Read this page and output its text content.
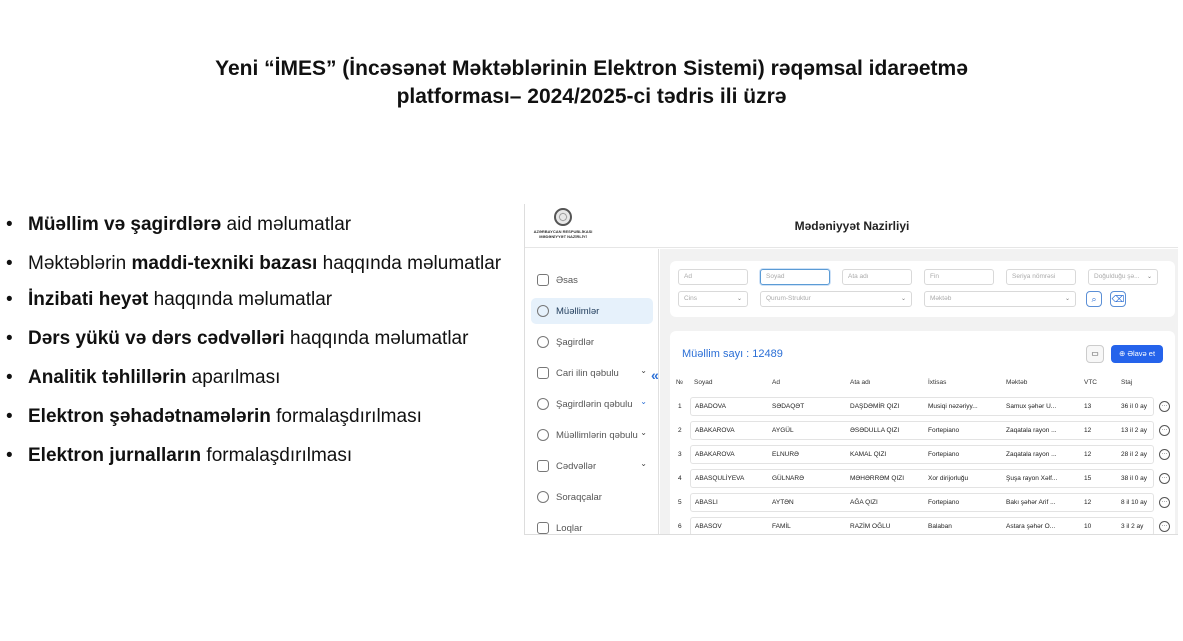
Yeni “İMES” (İncəsənət Məktəblərinin Elektron Sistemi) rəqəmsal idarəetmə
platforması– 2024/2025-ci tədris ili üzrə
• Müəllim və şagirdlərə aid məlumatlar
• Məktəblərin maddi-texniki bazası haqqında məlumatlar
• İnzibati heyət haqqında məlumatlar
• Dərs yükü və dərs cədvəlləri haqqında məlumatlar
• Analitik təhlillərin aparılması
• Elektron şəhadətnamələrin formalaşdırılması
• Elektron jurnalların formalaşdırılması
AZƏRBAYCAN RESPUBLİKASI
MƏDƏNİYYƏT NAZİRLİYİ
Mədəniyyət Nazirliyi
Əsas
Müəllimlər
Şagirdlər
Cari ilin qəbulu	⌄
Şagirdlərin qəbulu ⌄
Müəllimlərin qəbulu ⌄
Cədvəllər	⌄
Soraqçalar
Loqlar
«
Ad	Soyad	Ata adı	Fin	Seriya nömrəsi	Doğulduğu şə... ⌄
Cins	⌄	Qurum-Struktur	⌄	Məktəb	⌄	⌕	⌫
Müəllim sayı : 12489	▭	⊕ Əlavə et
№ Soyad	Ad	Ata adı	İxtisas	Məktəb	VTC	Staj
1 ABADOVA	SƏDAQƏT	DAŞDƏMİR QIZI	Musiqi nəzəriyy...	Samux şəhər U...	13	36 il 0 ay	···
2 ABAKAROVA	AYGÜL	ƏSƏDULLA QIZI	Fortepiano	Zaqatala rayon ...	12	13 il 2 ay	···
3 ABAKAROVA	ELNURƏ	KAMAL QIZI	Fortepiano	Zaqatala rayon ...	12	28 il 2 ay	···
4 ABASQULİYEVA	GÜLNARƏ	MƏHƏRRƏM QIZI	Xor dirijorluğu	Şuşa rayon Xəlf...	15	38 il 0 ay	···
5 ABASLI	AYTƏN	AĞA QIZI	Fortepiano	Bakı şəhər Arif ...	12	8 il 10 ay	···
6 ABASOV	FAMİL	RAZİM OĞLU	Balaban	Astara şəhər O...	10	3 il 2 ay	···
